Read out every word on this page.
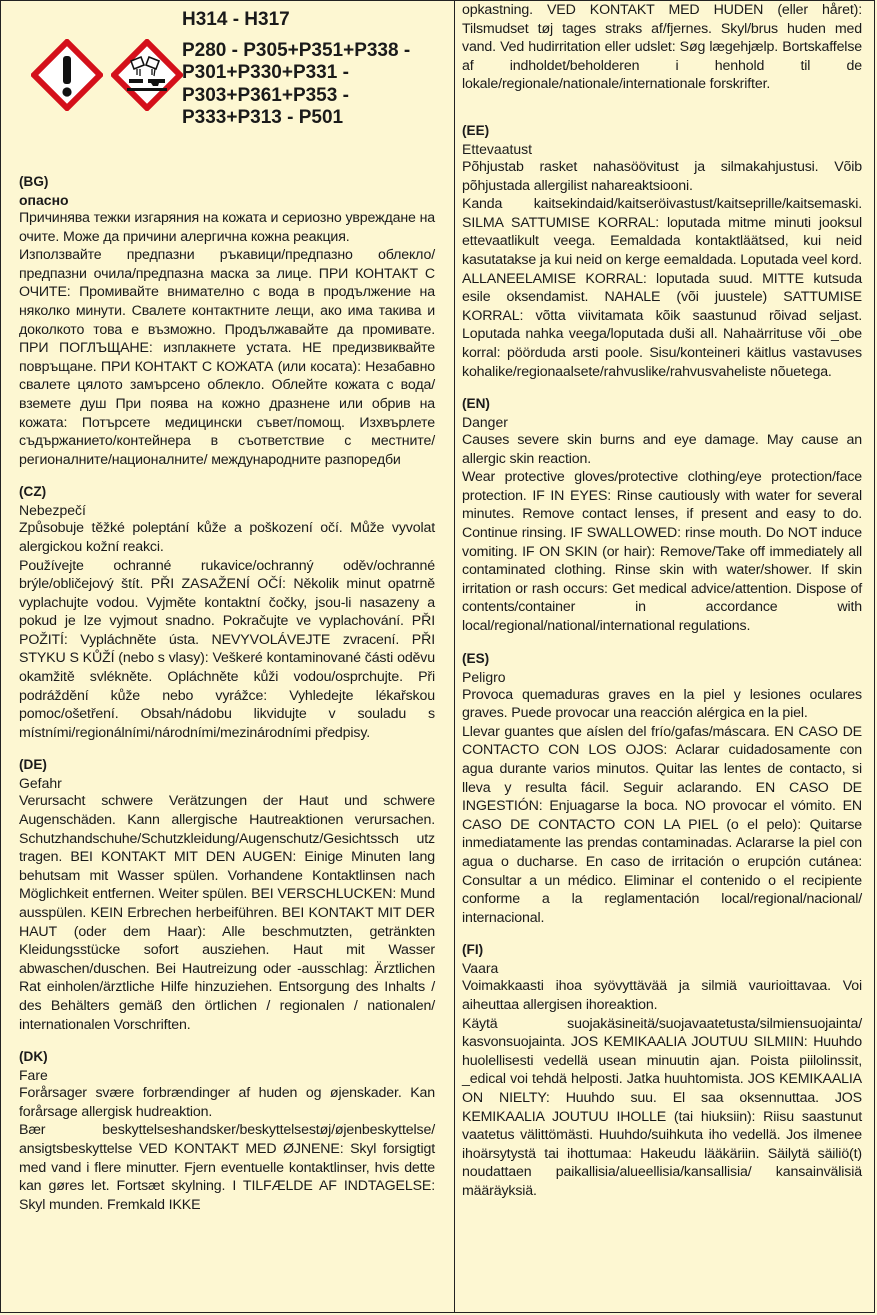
H314 - H317
P280 - P305+P351+P338 -
P301+P330+P331 -
P303+P361+P353 -
P333+P313 - P501
(BG)
опасно

Причинява тежки изгаряния на кожата и сериозно увреждане на очите. Може да причини алергична кожна реакция.

Използвайте предпазни ръкавици/предпазно облекло/предпазни очила/предпазна маска за лице. ПРИ КОНТАКТ С ОЧИТЕ: Промивайте внимателно с вода в продължение на няколко минути. Свалете контактните лещи, ако има такива и доколкото това е възможно. Продължавайте да промивате. ПРИ ПОГЛЪЩАНЕ: изплакнете устата. НЕ предизвиквайте повръщане. ПРИ КОНТАКТ С КОЖАТА (или косата): Незабавно свалете цялото замърсено облекло. Облейте кожата с вода/вземете душ При поява на кожно дразнене или обрив на кожата: Потърсете медицински съвет/помощ. Изхвърлете съдържанието/контейнера в съответствие с местните/регионалните/националните/ международните разпоредби

(CZ)
Nebezpečí

Způsobuje těžké poleptání kůže a poškození očí. Může vyvolat alergickou kožní reakci.

Používejte ochranné rukavice/ochranný oděv/ochranné brýle/obličejový štít. PŘI ZASAŽENÍ OČÍ: Několik minut opatrně vyplachujte vodou. Vyjměte kontaktní čočky, jsou-li nasazeny a pokud je lze vyjmout snadno. Pokračujte ve vyplachování. PŘI POŽITÍ: Vypláchněte ústa. NEVYVOLÁVEJTE zvracení. PŘI STYKU S KŮŽÍ (nebo s vlasy): Veškeré kontaminované části oděvu okamžitě svlékněte. Opláchněte kůži vodou/osprchujte. Při podráždění kůže nebo vyrážce: Vyhledejte lékařskou pomoc/ošetření. Obsah/nádobu likvidujte v souladu s místními/regionálními/národními/mezinárodními předpisy.

(DE)
Gefahr

Verursacht schwere Verätzungen der Haut und schwere Augenschäden. Kann allergische Hautreaktionen verursachen. Schutzhandschuhe/Schutzkleidung/Augenschutz/Gesichtssch utz tragen. BEI KONTAKT MIT DEN AUGEN: Einige Minuten lang behutsam mit Wasser spülen. Vorhandene Kontaktlinsen nach Möglichkeit entfernen. Weiter spülen. BEI VERSCHLUCKEN: Mund ausspülen. KEIN Erbrechen herbeiführen. BEI KONTAKT MIT DER HAUT (oder dem Haar): Alle beschmutzten, getränkten Kleidungsstücke sofort ausziehen. Haut mit Wasser abwaschen/duschen. Bei Hautreizung oder -ausschlag: Ärztlichen Rat einholen/ärztliche Hilfe hinzuziehen. Entsorgung des Inhalts / des Behälters gemäß den örtlichen / regionalen / nationalen/ internationalen Vorschriften.

(DK)
Fare

Forårsager svære forbrændinger af huden og øjenskader. Kan forårsage allergisk hudreaktion.

Bær beskyttelseshandsker/beskyttelsestøj/øjenbeskyttelse/ ansigtsbeskyttelse VED KONTAKT MED ØJNENE: Skyl forsigtigt med vand i flere minutter. Fjern eventuelle kontaktlinser, hvis dette kan gøres let. Fortsæt skylning. I TILFÆLDE AF INDTAGELSE: Skyl munden. Fremkald IKKE

opkastning. VED KONTAKT MED HUDEN (eller håret): Tilsmudset tøj tages straks af/fjernes. Skyl/brus huden med vand. Ved hudirritation eller udslet: Søg lægehjælp. Bortskaffelse af indholdet/beholderen i henhold til de lokale/regionale/nationale/internationale forskrifter.

(EE)
Ettevaatust

Põhjustab rasket nahasöövitust ja silmakahjustusi. Võib põhjustada allergilist nahareaktsiooni.

Kanda kaitsekindaid/kaitseröivastust/kaitseprille/kaitsemaski. SILMA SATTUMISE KORRAL: loputada mitme minuti jooksul ettevaatlikult veega. Eemaldada kontaktläätsed, kui neid kasutatakse ja kui neid on kerge eemaldada. Loputada veel kord. ALLANEELAMISE KORRAL: loputada suud. MITTE kutsuda esile oksendamist. NAHALE (või juustele) SATTUMISE KORRAL: võtta viivitamata kõik saastunud rõivad seljast. Loputada nahka veega/loputada duši all. Nahaärrituse või _obe korral: pöörduda arsti poole. Sisu/konteineri käitlus vastavuses kohalike/regionaalsete/rahvuslike/rahvusvaheliste nõuetega.

(EN)
Danger

Causes severe skin burns and eye damage. May cause an allergic skin reaction.

Wear protective gloves/protective clothing/eye protection/face protection. IF IN EYES: Rinse cautiously with water for several minutes. Remove contact lenses, if present and easy to do. Continue rinsing. IF SWALLOWED: rinse mouth. Do NOT induce vomiting. IF ON SKIN (or hair): Remove/Take off immediately all contaminated clothing. Rinse skin with water/shower. If skin irritation or rash occurs: Get medical advice/attention. Dispose of contents/container in accordance with local/regional/national/international regulations.

(ES)
Peligro

Provoca quemaduras graves en la piel y lesiones oculares graves. Puede provocar una reacción alérgica en la piel.

Llevar guantes que aíslen del frío/gafas/máscara. EN CASO DE CONTACTO CON LOS OJOS: Aclarar cuidadosamente con agua durante varios minutos. Quitar las lentes de contacto, si lleva y resulta fácil. Seguir aclarando. EN CASO DE INGESTIÓN: Enjuagarse la boca. NO provocar el vómito. EN CASO DE CONTACTO CON LA PIEL (o el pelo): Quitarse inmediatamente las prendas contaminadas. Aclararse la piel con agua o ducharse. En caso de irritación o erupción cutánea: Consultar a un médico. Eliminar el contenido o el recipiente conforme a la reglamentación local/regional/nacional/ internacional.

(FI)
Vaara

Voimakkaasti ihoa syövyttävää ja silmiä vaurioittavaa. Voi aiheuttaa allergisen ihoreaktion.

Käytä suojakäsineitä/suojavaatetusta/silmiensuojainta/ kasvonsuojainta. JOS KEMIKAALIA JOUTUU SILMIIN: Huuhdo huolellisesti vedellä usean minuutin ajan. Poista piilolinssit, _edical voi tehdä helposti. Jatka huuhtomista. JOS KEMIKAALIA ON NIELTY: Huuhdo suu. El saa oksennuttaa. JOS KEMIKAALIA JOUTUU IHOLLE (tai hiuksiin): Riisu saastunut vaatetus välittömästi. Huuhdo/suihkuta iho vedellä. Jos ilmenee ihoärsytystä tai ihottumaa: Hakeudu lääkäriin. Säilytä säiliö(t) noudattaen paikallisia/alueellisia/kansallisia/ kansainvälisiä määräyksiä.
